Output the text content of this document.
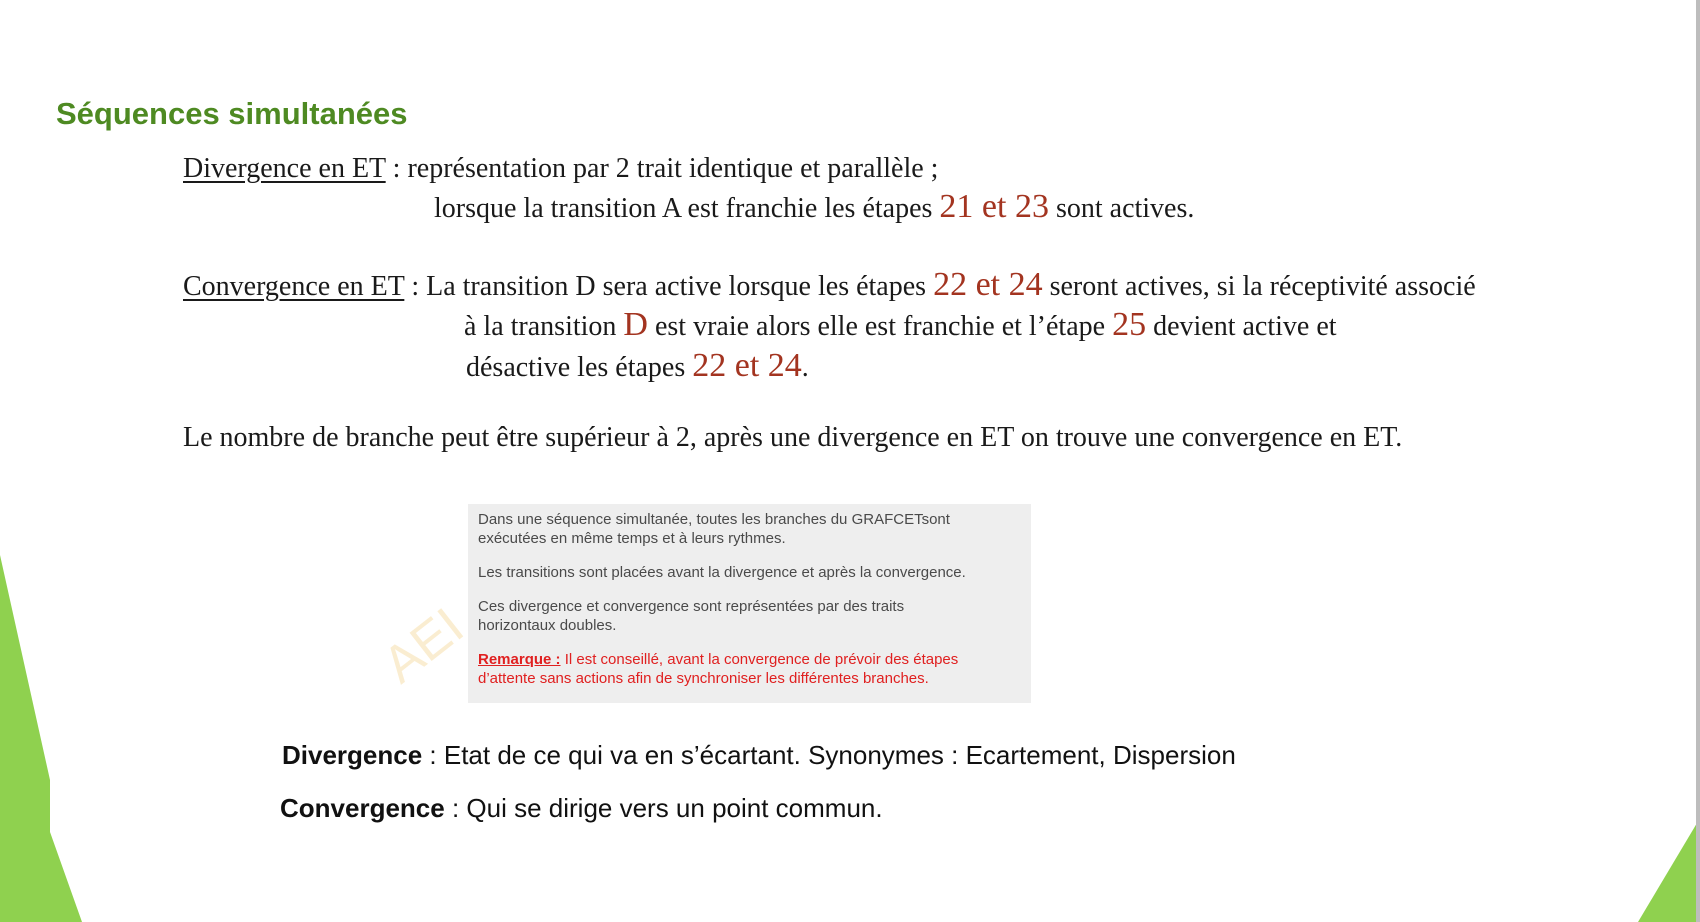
Séquences simultanées
Divergence en ET : représentation par 2 trait identique et parallèle ;
lorsque la transition A est franchie les étapes 21 et 23 sont actives.
Convergence en ET : La transition D sera active lorsque les étapes 22 et 24 seront actives, si la réceptivité associé
à la transition D est vraie alors elle est franchie et l’étape 25 devient active et
désactive les étapes 22 et 24.
Le nombre de branche peut être supérieur à 2, après une divergence en ET on trouve une convergence en ET.

Dans une séquence simultanée, toutes les branches du GRAFCETsont
exécutées en même temps et à leurs rythmes.

Les transitions sont placées avant la divergence et après la convergence.

Ces divergence et convergence sont représentées par des traits
horizontaux doubles.

Remarque : Il est conseillé, avant la convergence de prévoir des étapes
d’attente sans actions afin de synchroniser les différentes branches.

AEI
Divergence : Etat de ce qui va en s’écartant. Synonymes : Ecartement, Dispersion
Convergence : Qui se dirige vers un point commun.
